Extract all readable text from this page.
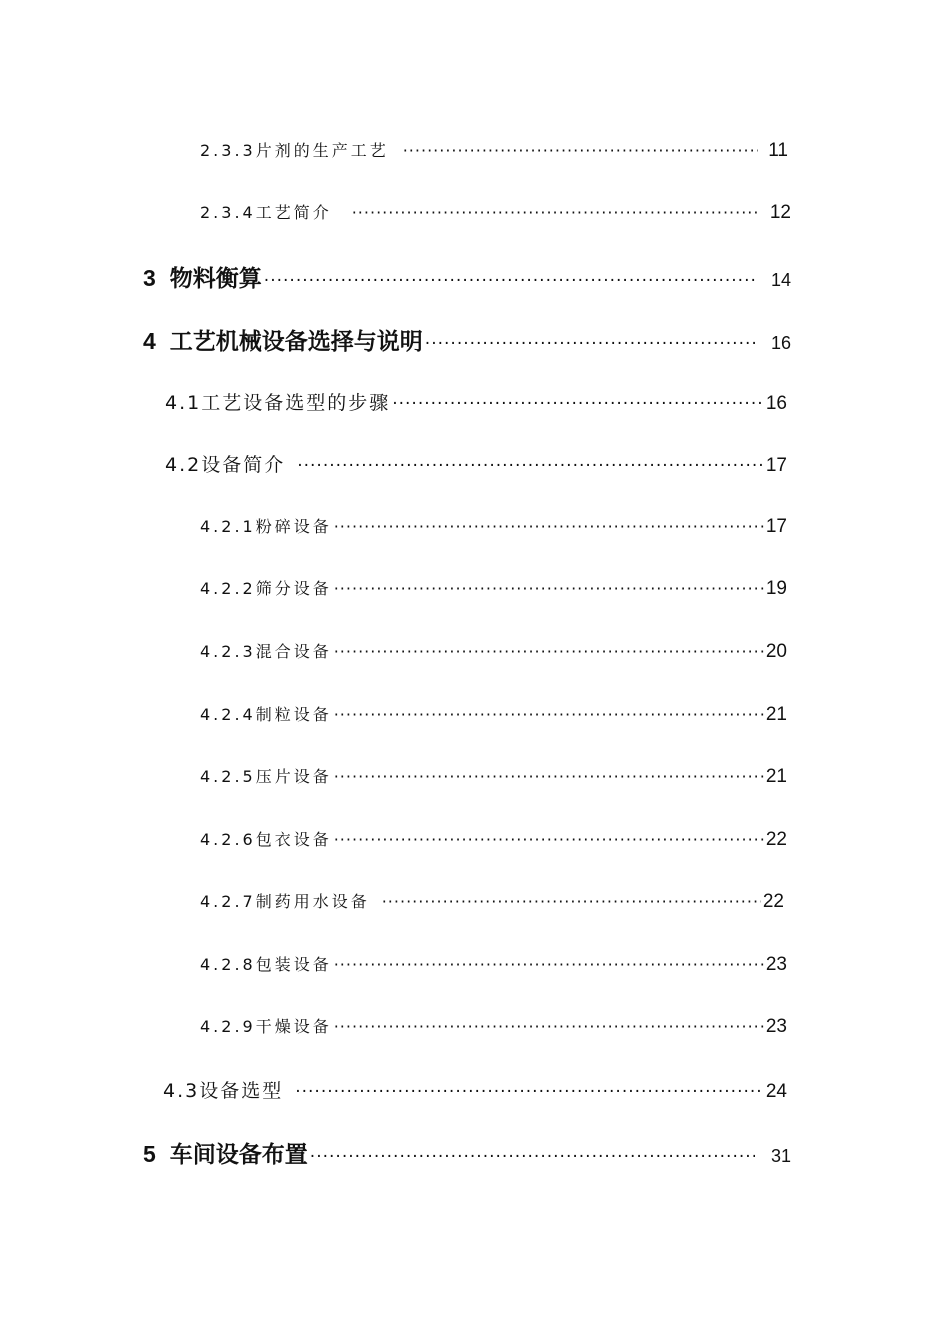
2.3.3片剂的生产工艺 ·····	11
2.3.4工艺简介 ·····	12
3 物料衡算 ·····	14
4 工艺机械设备选择与说明 ·····	16
4.1工艺设备选型的步骤 ·····	16
4.2设备简介 ·····	17
4.2.1粉碎设备 ·····	17
4.2.2筛分设备 ·····	19
4.2.3混合设备 ·····	20
4.2.4制粒设备 ·····	21
4.2.5压片设备 ·····	21
4.2.6包衣设备 ·····	22
4.2.7制药用水设备 ·····	22
4.2.8包装设备 ·····	23
4.2.9干燥设备 ·····	23
4.3设备选型 ·····	24
5 车间设备布置 ·····	31
